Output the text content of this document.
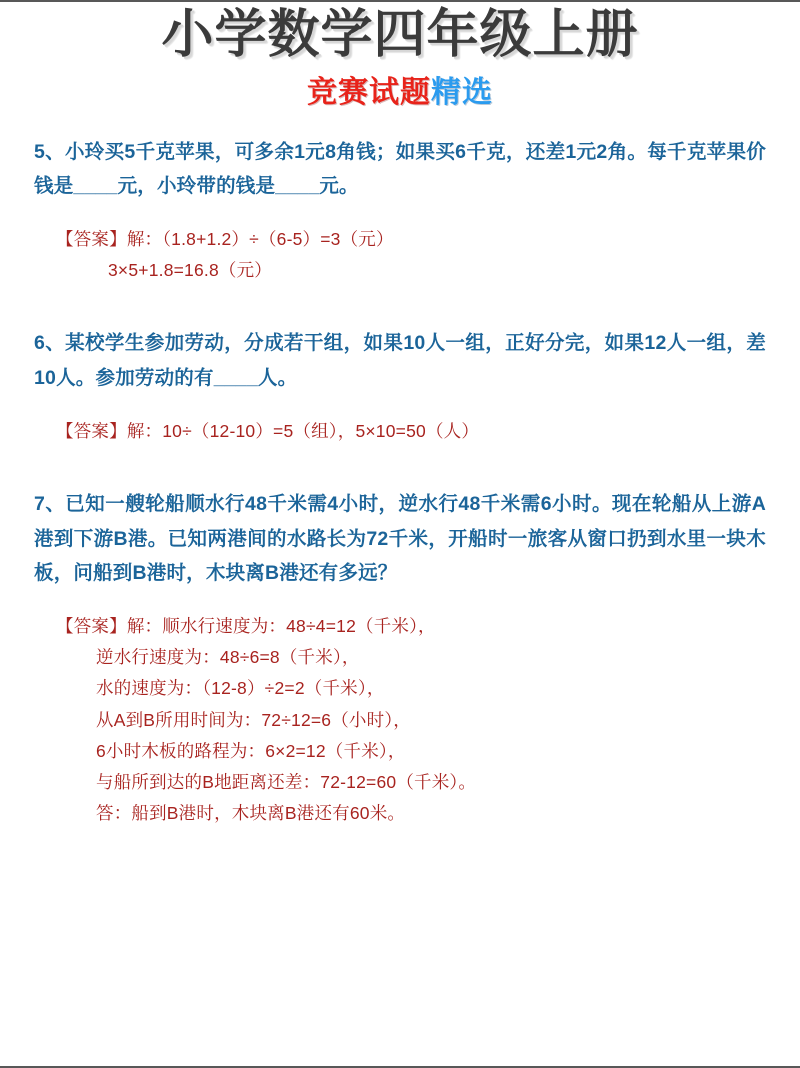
小学数学四年级上册
竞赛试题精选

5、小玲买5千克苹果，可多余1元8角钱；如果买6千克，还差1元2角。每千克苹果价钱是____元，小玲带的钱是____元。

【答案】解：（1.8+1.2）÷（6-5）=3（元）

3×5+1.8=16.8（元）

6、某校学生参加劳动，分成若干组，如果10人一组，正好分完，如果12人一组，差10人。参加劳动的有____人。

【答案】解：10÷（12-10）=5（组），5×10=50（人）

7、已知一艘轮船顺水行48千米需4小时，逆水行48千米需6小时。现在轮船从上游A港到下游B港。已知两港间的水路长为72千米，开船时一旅客从窗口扔到水里一块木板，问船到B港时，木块离B港还有多远？

【答案】解：顺水行速度为：48÷4=12（千米），

逆水行速度为：48÷6=8（千米），

水的速度为：（12-8）÷2=2（千米），

从A到B所用时间为：72÷12=6（小时），

6小时木板的路程为：6×2=12（千米），

与船所到达的B地距离还差：72-12=60（千米）。

答：船到B港时，木块离B港还有60米。
